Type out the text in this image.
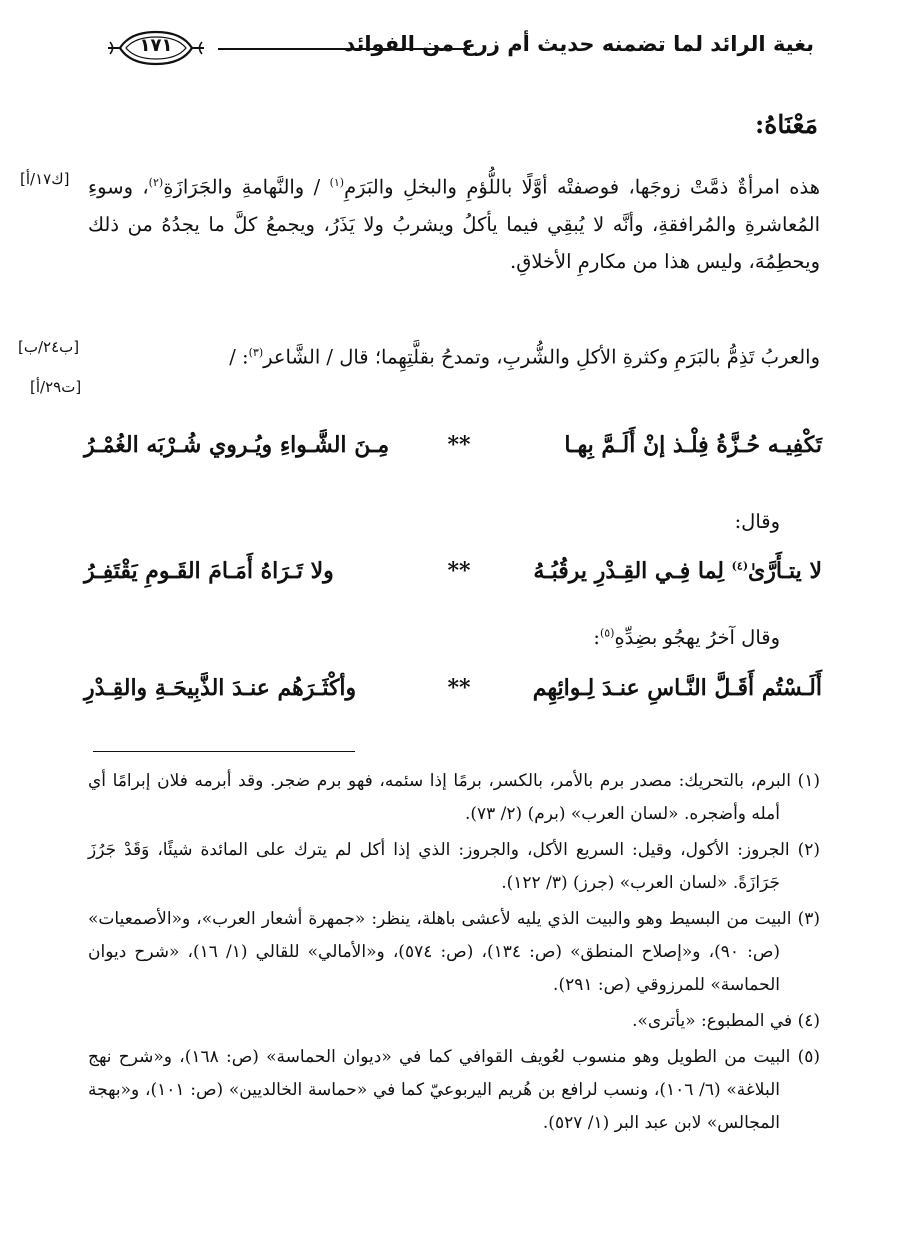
بغية الرائد لما تضمنه حديث أم زرع من الفوائد
١٧١
مَعْنَاهُ:
هذه امرأةٌ ذمَّتْ زوجَها، فوصفتْه أوَّلًا باللُّؤمِ والبخلِ والبَرَمِ$^{(١)}$ / والنَّهامةِ والجَرَازَةِ$^{(٢)}$، وسوءِ المُعاشرةِ والمُرافقةِ، وأنَّه لا يُبقِي فيما يأكلُ ويشربُ ولا يَذَرُ، ويجمعُ كلَّ ما يجدُهُ من ذلك ويحطِمُهَ، وليس هذا من مكارمِ الأخلاقِ.
[ك١٧/أ]
[ب٢٤/ب]
[ت٢٩/أ]
والعربُ تَذِمُّ بالبَرَمِ وكثرةِ الأكلِ والشُّربِ، وتمدحُ بقلَّتِهِما؛ قال / الشَّاعر$^{(٣)}$: /
تَكْفِيـه حُـزَّةُ فِلْـذ إنْ أَلَـمَّ بِهـا
**
مِـنَ الشَّـواءِ ويُـروي شُـرْبَه الغُمْـرُ
وقال:
لا يتـأَرَّىٰ$^{(٤)}$ لِما فِـي القِـدْرِ يرقُبُـهُ
**
ولا تَـرَاهُ أَمَـامَ القَـومِ يَقْتَفِـرُ
وقال آخرُ يهجُو بضِدِّهِ$^{(٥)}$:
أَلَـسْتُم أَقَـلَّ النَّـاسِ عنـدَ لِـوائِهِم
**
وأكْثَـرَهُم عنـدَ الذَّبِيحَـةِ والقِـدْرِ

(١) البرم، بالتحريك: مصدر برم بالأمر، بالكسر، برمًا إذا سئمه، فهو برم ضجر. وقد أبرمه فلان إبرامًا أي أمله وأضجره. «لسان العرب» (برم) (٢/ ٧٣).

(٢) الجروز: الأكول، وقيل: السريع الأكل، والجروز: الذي إذا أكل لم يترك على المائدة شيئًا، وَقَدْ جَرُزَ جَرَازَةً. «لسان العرب» (جرز) (٣/ ١٢٢).

(٣) البيت من البسيط وهو والبيت الذي يليه لأعشى باهلة، ينظر: «جمهرة أشعار العرب»، و«الأصمعيات» (ص: ٩٠)، و«إصلاح المنطق» (ص: ١٣٤)، (ص: ٥٧٤)، و«الأمالي» للقالي (١/ ١٦)، «شرح ديوان الحماسة» للمرزوقي (ص: ٢٩١).

(٤) في المطبوع: «يأترى».

(٥) البيت من الطويل وهو منسوب لعُويف القوافي كما في «ديوان الحماسة» (ص: ١٦٨)، و«شرح نهج البلاغة» (٦/ ١٠٦)، ونسب لرافع بن هُريم اليربوعيّ كما في «حماسة الخالديين» (ص: ١٠١)، و«بهجة المجالس» لابن عبد البر (١/ ٥٢٧).
